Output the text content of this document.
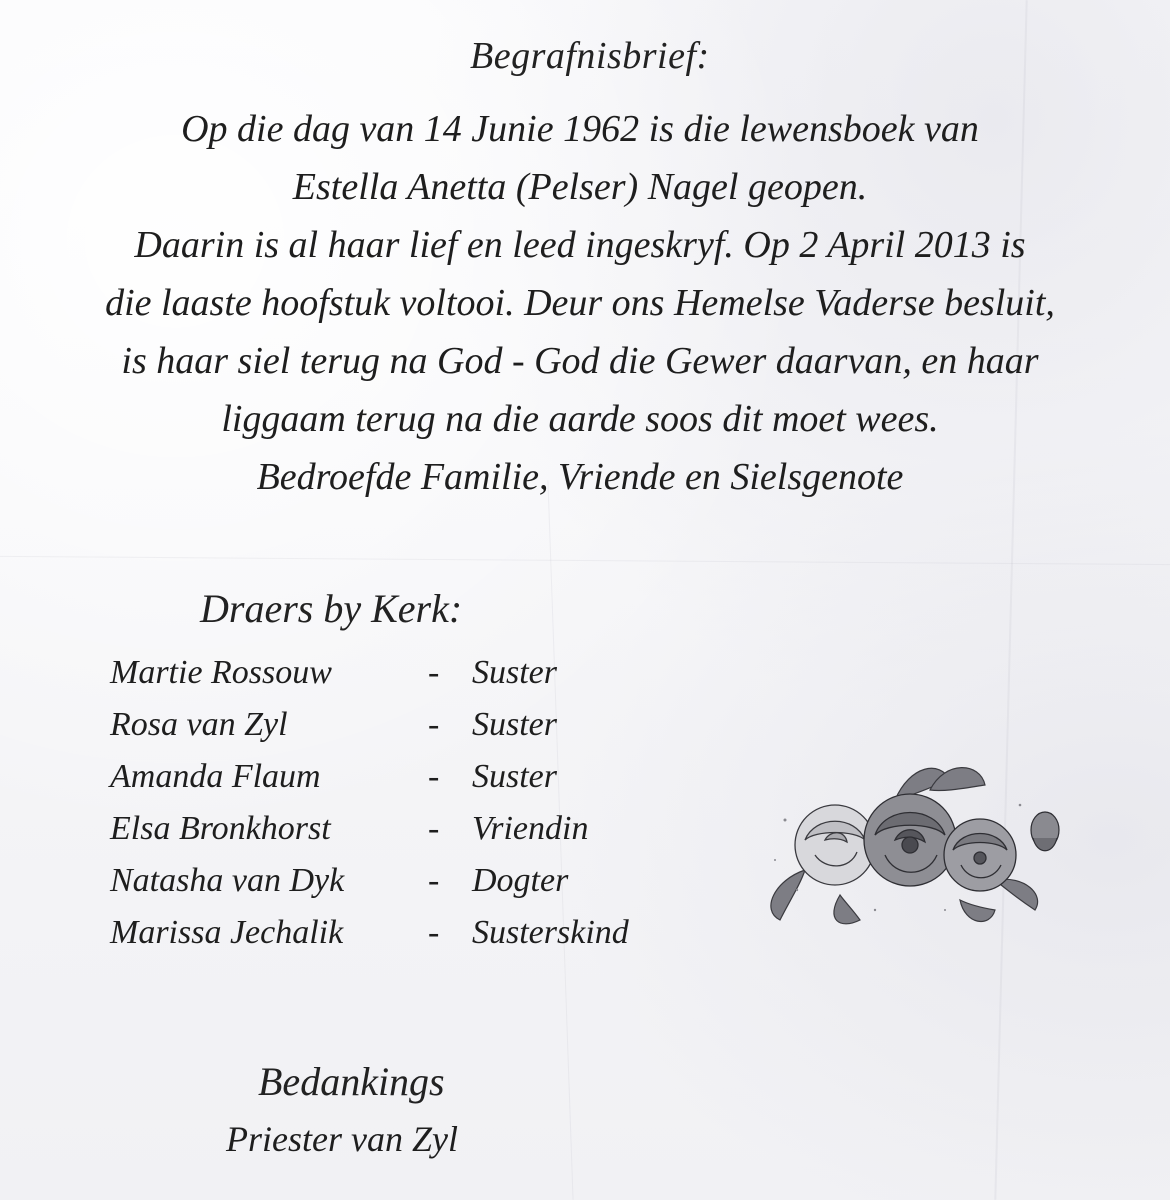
Begrafnisbrief:

Op die dag van 14 Junie 1962 is die lewensboek van
Estella Anetta (Pelser) Nagel geopen.
Daarin is al haar lief en leed ingeskryf. Op 2 April 2013 is
die laaste hoofstuk voltooi. Deur ons Hemelse Vaderse besluit,
is haar siel terug na God - God die Gewer daarvan, en haar
liggaam terug na die aarde soos dit moet wees.
Bedroefde Familie, Vriende en Sielsgenote

Draers by Kerk:
Martie Rossouw	- Suster
Rosa van Zyl	- Suster
Amanda Flaum	- Suster
Elsa Bronkhorst	- Vriendin
Natasha van Dyk - Dogter
Marissa Jechalik - Susterskind
Bedankings

Priester van Zyl
